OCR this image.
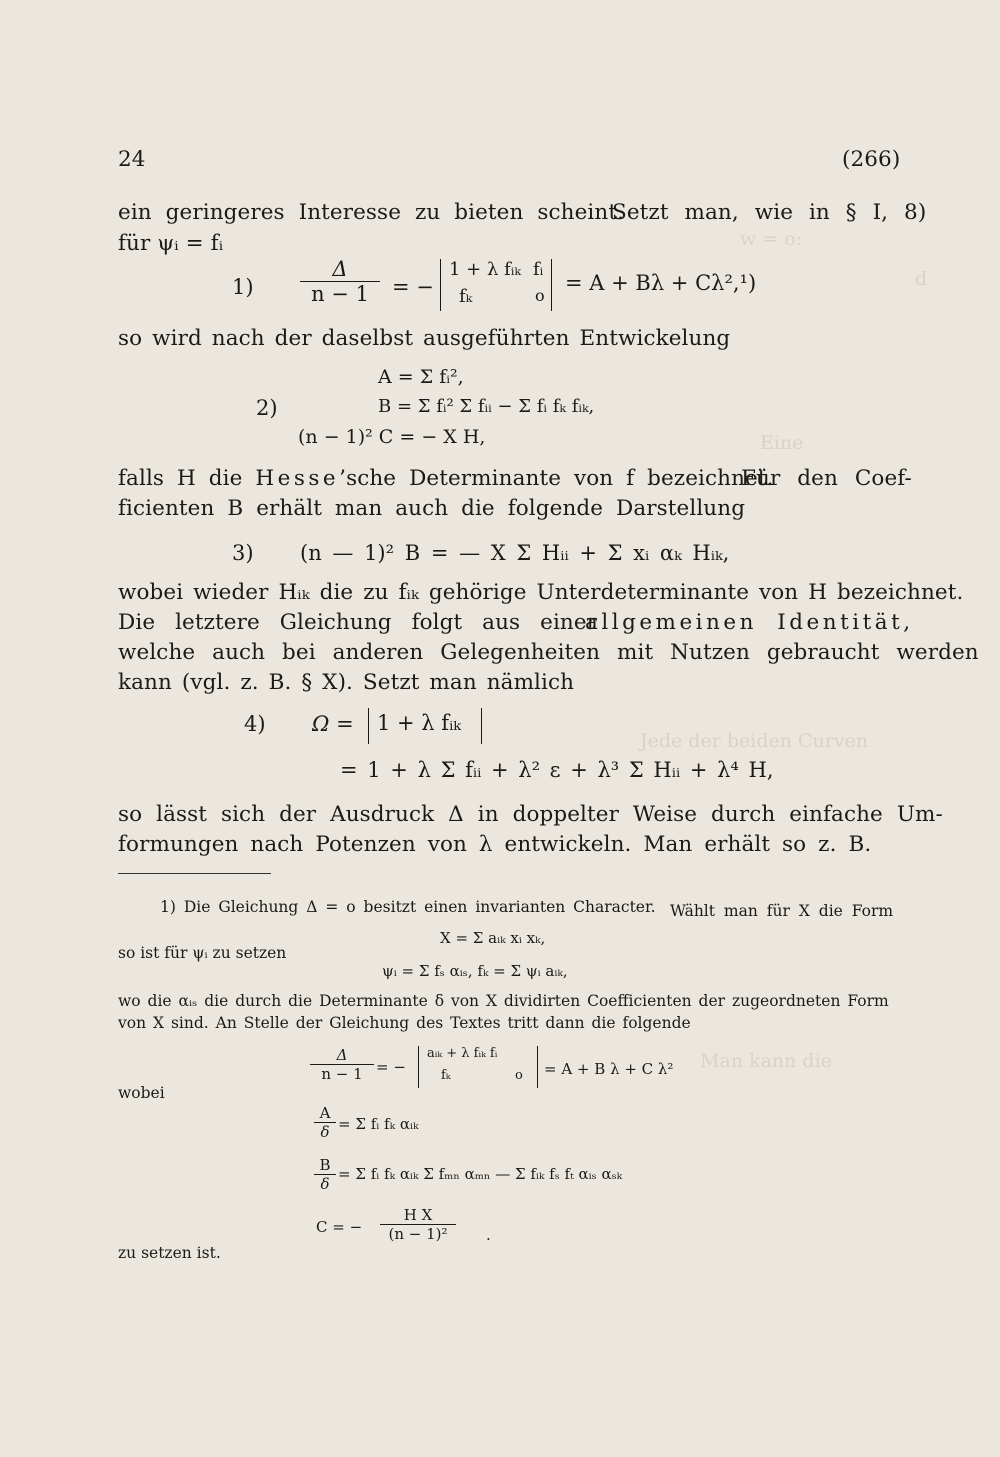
w = o:
d
Eine
Jede der beiden Curven
Man kann die
24	(266)
ein geringeres Interesse zu bieten scheint.
Setzt man, wie in § I, 8)
für ψᵢ = fᵢ
$1) \frac{\Delta}{n - 1}$ = −
1 + λ fᵢₖ fᵢ
fₖ	o
= A + Bλ + Cλ²,¹)
so wird nach der daselbst ausgeführten Entwickelung
A = Σ fᵢ²,
2)	B = Σ fᵢ² Σ fᵢᵢ − Σ fᵢ fₖ fᵢₖ,
(n − 1)² C = − X H,
falls H die Hesse’sche Determinante von f bezeichnet.
Für den Coef-
ficienten B erhält man auch die folgende Darstellung
3) (n — 1)² B = — X Σ Hᵢᵢ + Σ xᵢ αₖ Hᵢₖ,
wobei wieder Hᵢₖ die zu fᵢₖ gehörige Unterdeterminante von H bezeichnet.
Die letztere Gleichung folgt aus einer
allgemeinen Identität,
welche auch bei anderen Gelegenheiten mit Nutzen gebraucht werden
kann (vgl. z. B. § X). Setzt man nämlich
4) Ω = 1 + λ fᵢₖ
= 1 + λ Σ fᵢᵢ + λ² ε + λ³ Σ Hᵢᵢ + λ⁴ H,
so lässt sich der Ausdruck Δ in doppelter Weise durch einfache Um-
formungen nach Potenzen von λ entwickeln. Man erhält so z. B.
1) Die Gleichung Δ = o besitzt einen invarianten Character. Wählt man für X die Form
X = Σ aᵢₖ xᵢ xₖ,
so ist für ψᵢ zu setzen
ψᵢ = Σ fₛ αᵢₛ, fₖ = Σ ψᵢ aᵢₖ,
wo die αᵢₛ die durch die Determinante δ von X dividirten Coefficienten der zugeordneten Form
von X sind. An Stelle der Gleichung des Textes tritt dann die folgende
$\frac{\Delta}{n - 1}$ = −
aᵢₖ + λ fᵢₖ fᵢ
fₖ	o = A + B λ + C λ²
wobei
$\frac{A}{\delta} = \Sigma$ fᵢ fₖ αᵢₖ
$\frac{B}{\delta} = \Sigma$ fᵢ fₖ αᵢₖ Σ fₘₙ αₘₙ — Σ fᵢₖ fₛ fₜ αᵢₛ αₛₖ
C = − $\frac{\text{H X}}{\text{(n − 1)²}}$ .
zu setzen ist.
